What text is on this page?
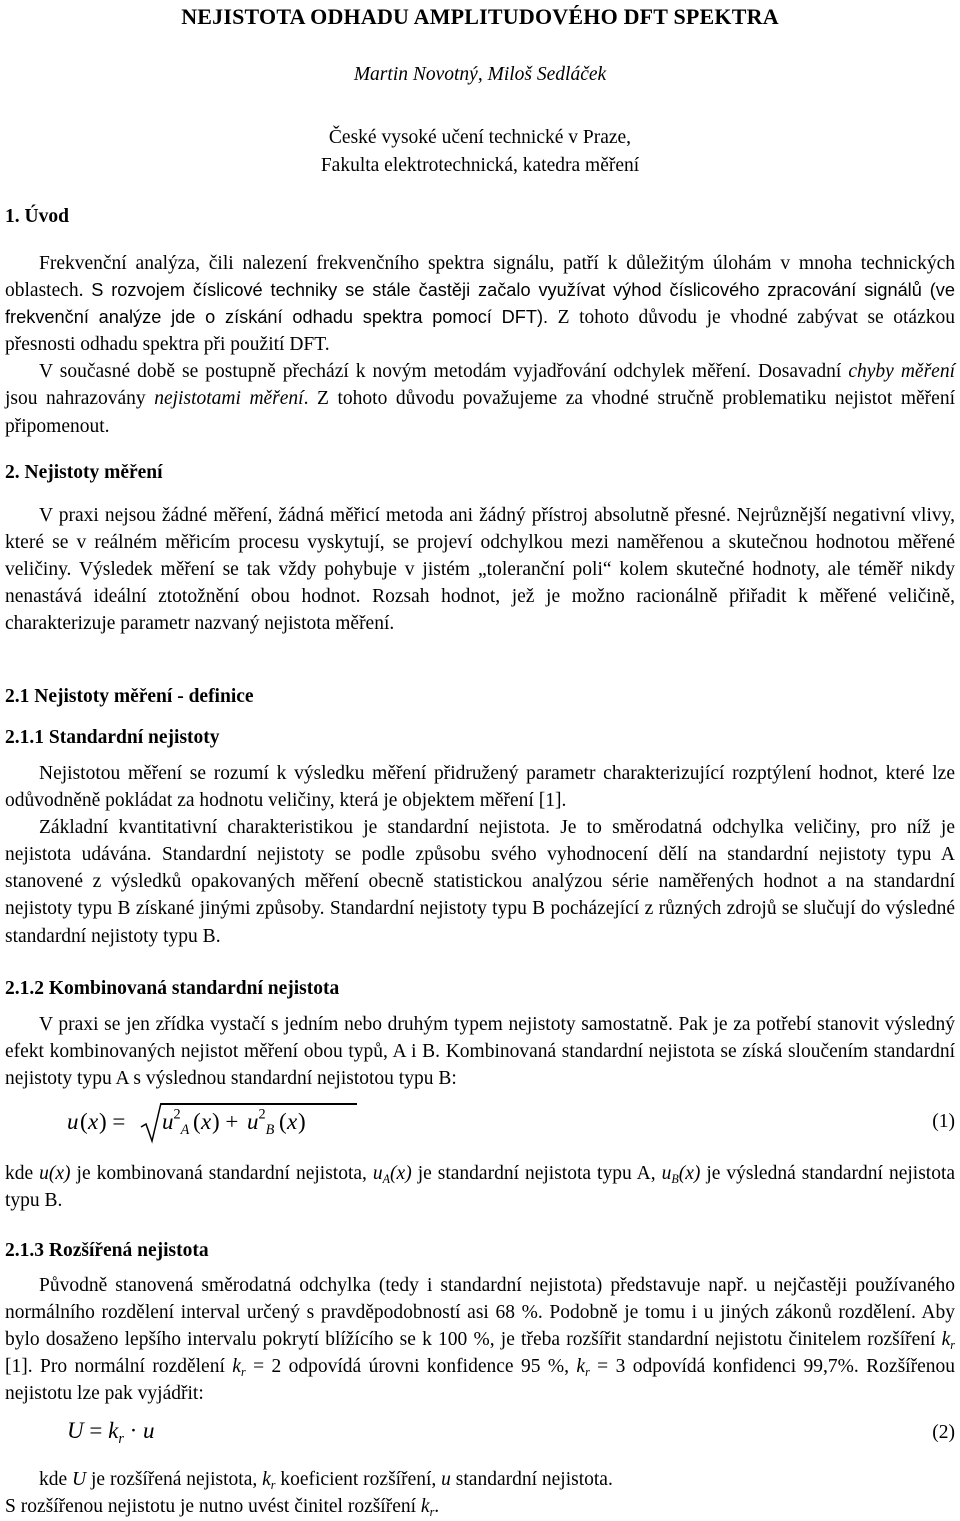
NEJISTOTA ODHADU AMPLITUDOVÉHO DFT SPEKTRA
Martin Novotný, Miloš Sedláček
České vysoké učení technické v Praze,
Fakulta elektrotechnická, katedra měření
1. Úvod

Frekvenční analýza, čili nalezení frekvenčního spektra signálu, patří k důležitým úlohám v mnoha technických oblastech. S rozvojem číslicové techniky se stále častěji začalo využívat výhod číslicového zpracování signálů (ve frekvenční analýze jde o získání odhadu spektra pomocí DFT). Z tohoto důvodu je vhodné zabývat se otázkou přesnosti odhadu spektra při použití DFT.

V současné době se postupně přechází k novým metodám vyjadřování odchylek měření. Dosavadní chyby měření jsou nahrazovány nejistotami měření. Z tohoto důvodu považujeme za vhodné stručně problematiku nejistot měření připomenout.

2. Nejistoty měření

V praxi nejsou žádné měření, žádná měřicí metoda ani žádný přístroj absolutně přesné. Nejrůznější negativní vlivy, které se v reálném měřicím procesu vyskytují, se projeví odchylkou mezi naměřenou a skutečnou hodnotou měřené veličiny. Výsledek měření se tak vždy pohybuje v jistém „toleranční poli“ kolem skutečné hodnoty, ale téměř nikdy nenastává ideální ztotožnění obou hodnot. Rozsah hodnot, jež je možno racionálně přiřadit k měřené veličině, charakterizuje parametr nazvaný nejistota měření.

2.1 Nejistoty měření - definice
2.1.1 Standardní nejistoty

Nejistotou měření se rozumí k výsledku měření přidružený parametr charakterizující rozptýlení hodnot, které lze odůvodněně pokládat za hodnotu veličiny, která je objektem měření [1].

Základní kvantitativní charakteristikou je standardní nejistota. Je to směrodatná odchylka veličiny, pro níž je nejistota udávána. Standardní nejistoty se podle způsobu svého vyhodnocení dělí na standardní nejistoty typu A stanovené z výsledků opakovaných měření obecně statistickou analýzou série naměřených hodnot a na standardní nejistoty typu B získané jinými způsoby. Standardní nejistoty typu B pocházející z různých zdrojů se slučují do výsledné standardní nejistoty typu B.

2.1.2 Kombinovaná standardní nejistota

V praxi se jen zřídka vystačí s jedním nebo druhým typem nejistoty samostatně. Pak je za potřebí stanovit výsledný efekt kombinovaných nejistot měření obou typů, A i B. Kombinovaná standardní nejistota se získá sloučením standardní nejistoty typu A s výslednou standardní nejistotou typu B:

u ( x ) = $u^2_A$ ( x ) + $u^2_B$ ( x )	(1)

kde u(x) je kombinovaná standardní nejistota, $u_A(x)$ je standardní nejistota typu A, $u_B(x)$ je výsledná standardní nejistota typu B.

2.1.3 Rozšířená nejistota

Původně stanovená směrodatná odchylka (tedy i standardní nejistota) představuje např. u nejčastěji používaného normálního rozdělení interval určený s pravděpodobností asi 68 %. Podobně je tomu i u jiných zákonů rozdělení. Aby bylo dosaženo lepšího intervalu pokrytí blížícího se k 100 %, je třeba rozšířit standardní nejistotu činitelem rozšíření $k_r$ [1]. Pro normální rozdělení $k_r = 2$ odpovídá úrovni konfidence 95 %, $k_r = 3$ odpovídá konfidenci 99,7%. Rozšířenou nejistotu lze pak vyjádřit:

$U = k_r \cdot u$	(2)

kde U je rozšířená nejistota, $k_r$ koeficient rozšíření, u standardní nejistota.

S rozšířenou nejistotu je nutno uvést činitel rozšíření $k_r$.
